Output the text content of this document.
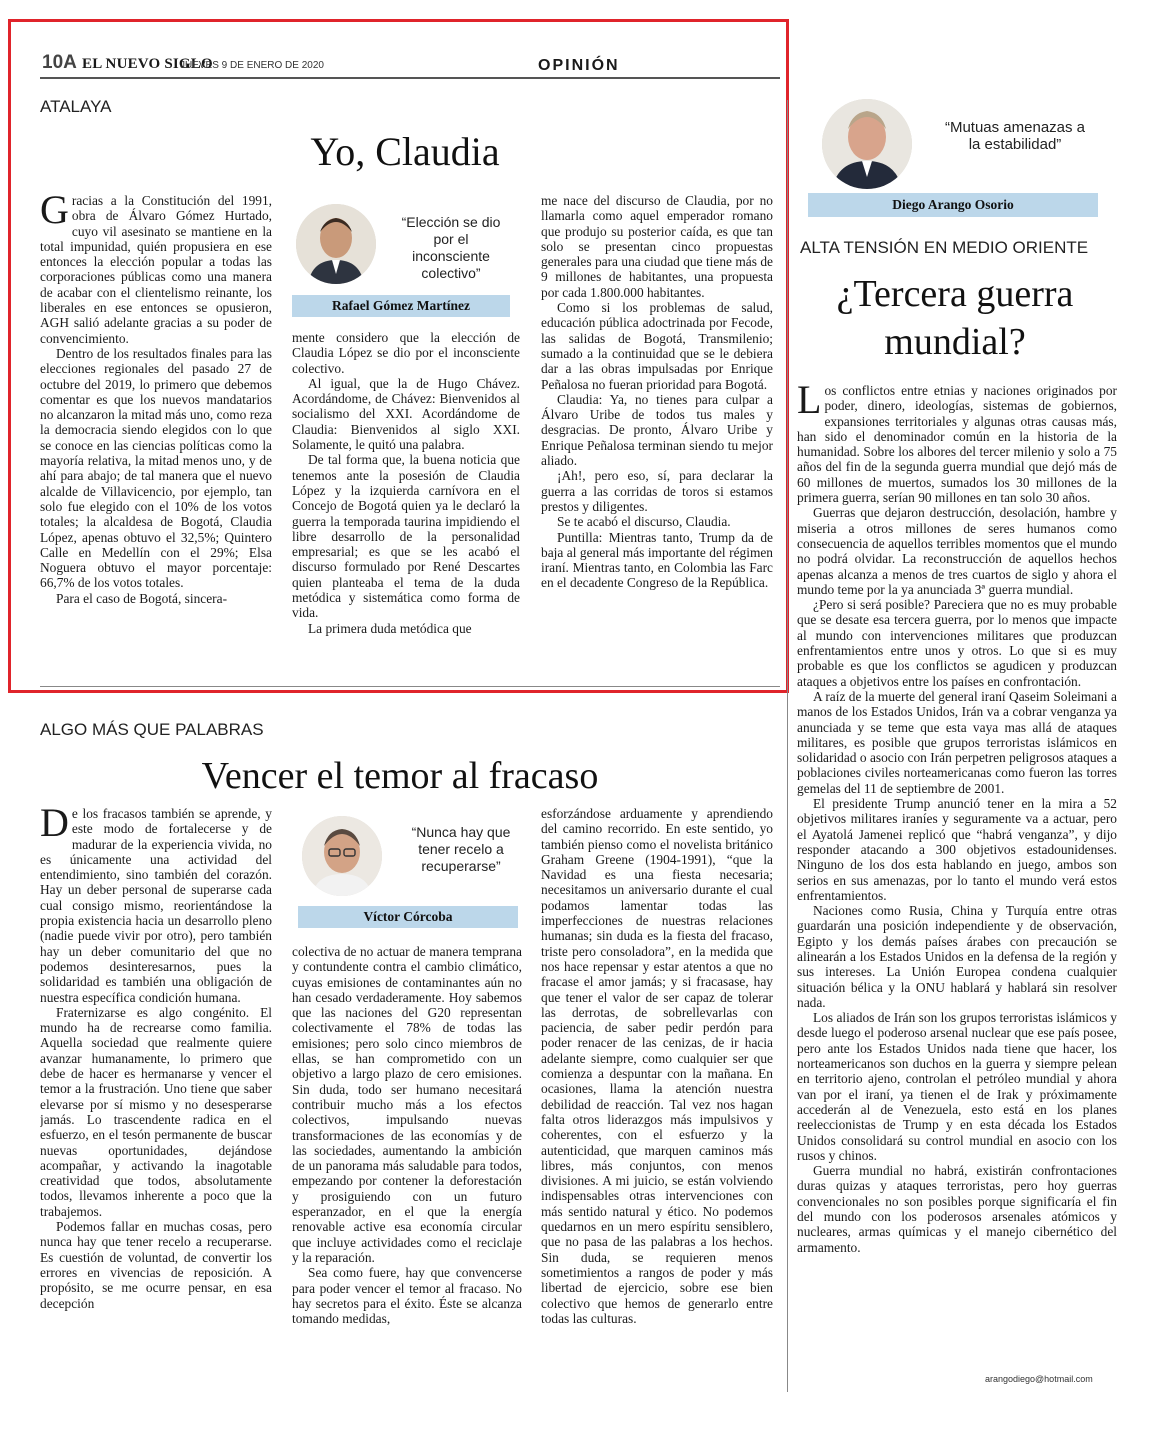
10A EL NUEVO SIGLO
JUEVES 9 DE ENERO DE 2020	OPINIÓN
ATALAYA
Yo, Claudia

Gracias a la Constitución del 1991, obra de Álvaro Gómez Hurtado, cuyo vil asesinato se mantiene en la total impunidad, quién propusiera en ese entonces la elección popular a todas las corporaciones públicas como una manera de acabar con el clientelismo reinante, los liberales en ese entonces se opusieron, AGH salió adelante gracias a su poder de convencimiento.

Dentro de los resultados finales para las elecciones regionales del pasado 27 de octubre del 2019, lo primero que debemos comentar es que los nuevos mandatarios no alcanzaron la mitad más uno, como reza la democracia siendo elegidos con lo que se conoce en las ciencias políticas como la mayoría relativa, la mitad menos uno, y de ahí para abajo; de tal manera que el nuevo alcalde de Villavicencio, por ejemplo, tan solo fue elegido con el 10% de los votos totales; la alcaldesa de Bogotá, Claudia López, apenas obtuvo el 32,5%; Quintero Calle en Medellín con el 29%; Elsa Noguera obtuvo el mayor porcentaje: 66,7% de los votos totales.

Para el caso de Bogotá, sincera-

“Elección se dio por el inconsciente colectivo”
Rafael Gómez Martínez

mente considero que la elección de Claudia López se dio por el inconsciente colectivo.

Al igual, que la de Hugo Chávez. Acordándome, de Chávez: Bienvenidos al socialismo del XXI. Acordándome de Claudia: Bienvenidos al siglo XXI. Solamente, le quitó una palabra.

De tal forma que, la buena noticia que tenemos ante la posesión de Claudia López y la izquierda carnívora en el Concejo de Bogotá quien ya le declaró la guerra la temporada taurina impidiendo el libre desarrollo de la personalidad empresarial; es que se les acabó el discurso formulado por René Descartes quien planteaba el tema de la duda metódica y sistemática como forma de vida.

La primera duda metódica que

me nace del discurso de Claudia, por no llamarla como aquel emperador romano que produjo su posterior caída, es que tan solo se presentan cinco propuestas generales para una ciudad que tiene más de 9 millones de habitantes, una propuesta por cada 1.800.000 habitantes.

Como si los problemas de salud, educación pública adoctrinada por Fecode, las salidas de Bogotá, Transmilenio; sumado a la continuidad que se le debiera dar a las obras impulsadas por Enrique Peñalosa no fueran prioridad para Bogotá.

Claudia: Ya, no tienes para culpar a Álvaro Uribe de todos tus males y desgracias. De pronto, Álvaro Uribe y Enrique Peñalosa terminan siendo tu mejor aliado.

¡Ah!, pero eso, sí, para declarar la guerra a las corridas de toros si estamos prestos y diligentes.

Se te acabó el discurso, Claudia.

Puntilla: Mientras tanto, Trump da de baja al general más importante del régimen iraní. Mientras tanto, en Colombia las Farc en el decadente Congreso de la República.

ALGO MÁS QUE PALABRAS
Vencer el temor al fracaso

De los fracasos también se aprende, y este modo de fortalecerse y de madurar de la experiencia vivida, no es únicamente una actividad del entendimiento, sino también del corazón. Hay un deber personal de superarse cada cual consigo mismo, reorientándose la propia existencia hacia un desarrollo pleno (nadie puede vivir por otro), pero también hay un deber comunitario del que no podemos desinteresarnos, pues la solidaridad es también una obligación de nuestra específica condición humana.

Fraternizarse es algo congénito. El mundo ha de recrearse como familia. Aquella sociedad que realmente quiere avanzar humanamente, lo primero que debe de hacer es hermanarse y vencer el temor a la frustración. Uno tiene que saber elevarse por sí mismo y no desesperarse jamás. Lo trascendente radica en el esfuerzo, en el tesón permanente de buscar nuevas oportunidades, dejándose acompañar, y activando la inagotable creatividad que todos, absolutamente todos, llevamos inherente a poco que la trabajemos.

Podemos fallar en muchas cosas, pero nunca hay que tener recelo a recuperarse. Es cuestión de voluntad, de convertir los errores en vivencias de reposición. A propósito, se me ocurre pensar, en esa decepción

“Nunca hay que tener recelo a recuperarse”
Víctor Córcoba

colectiva de no actuar de manera temprana y contundente contra el cambio climático, cuyas emisiones de contaminantes aún no han cesado verdaderamente. Hoy sabemos que las naciones del G20 representan colectivamente el 78% de todas las emisiones; pero solo cinco miembros de ellas, se han comprometido con un objetivo a largo plazo de cero emisiones. Sin duda, todo ser humano necesitará contribuir mucho más a los efectos colectivos, impulsando nuevas transformaciones de las economías y de las sociedades, aumentando la ambición de un panorama más saludable para todos, empezando por contener la deforestación y prosiguiendo con un futuro esperanzador, en el que la energía renovable active esa economía circular que incluye actividades como el reciclaje y la reparación.

Sea como fuere, hay que convencerse para poder vencer el temor al fracaso. No hay secretos para el éxito. Éste se alcanza tomando medidas,

esforzándose arduamente y aprendiendo del camino recorrido. En este sentido, yo también pienso como el novelista británico Graham Greene (1904-1991), “que la Navidad es una fiesta necesaria; necesitamos un aniversario durante el cual podamos lamentar todas las imperfecciones de nuestras relaciones humanas; sin duda es la fiesta del fracaso, triste pero consoladora”, en la medida que nos hace repensar y estar atentos a que no fracase el amor jamás; y si fracasase, hay que tener el valor de ser capaz de tolerar las derrotas, de sobrellevarlas con paciencia, de saber pedir perdón para poder renacer de las cenizas, de ir hacia adelante siempre, como cualquier ser que comienza a despuntar con la mañana. En ocasiones, llama la atención nuestra debilidad de reacción. Tal vez nos hagan falta otros liderazgos más impulsivos y coherentes, con el esfuerzo y la autenticidad, que marquen caminos más libres, más conjuntos, con menos divisiones. A mi juicio, se están volviendo indispensables otras intervenciones con más sentido natural y ético. No podemos quedarnos en un mero espíritu sensiblero, que no pasa de las palabras a los hechos. Sin duda, se requieren menos sometimientos a rangos de poder y más libertad de ejercicio, sobre ese bien colectivo que hemos de generarlo entre todas las culturas.

“Mutuas amenazas a la estabilidad”
Diego Arango Osorio
ALTA TENSIÓN EN MEDIO ORIENTE
¿Tercera guerra
mundial?

Los conflictos entre etnias y naciones originados por poder, dinero, ideologías, sistemas de gobiernos, expansiones territoriales y algunas otras causas más, han sido el denominador común en la historia de la humanidad. Sobre los albores del tercer milenio y solo a 75 años del fin de la segunda guerra mundial que dejó más de 60 millones de muertos, sumados los 30 millones de la primera guerra, serían 90 millones en tan solo 30 años.

Guerras que dejaron destrucción, desolación, hambre y miseria a otros millones de seres humanos como consecuencia de aquellos terribles momentos que el mundo no podrá olvidar. La reconstrucción de aquellos hechos apenas alcanza a menos de tres cuartos de siglo y ahora el mundo teme por la ya anunciada 3ª guerra mundial.

¿Pero si será posible? Pareciera que no es muy probable que se desate esa tercera guerra, por lo menos que impacte al mundo con intervenciones militares que produzcan enfrentamientos entre unos y otros. Lo que si es muy probable es que los conflictos se agudicen y produzcan ataques a objetivos entre los países en confrontación.

A raíz de la muerte del general iraní Qaseim Soleimani a manos de los Estados Unidos, Irán va a cobrar venganza ya anunciada y se teme que esta vaya mas allá de ataques militares, es posible que grupos terroristas islámicos en solidaridad o asocio con Irán perpetren peligrosos ataques a poblaciones civiles norteamericanas como fueron las torres gemelas del 11 de septiembre de 2001.

El presidente Trump anunció tener en la mira a 52 objetivos militares iraníes y seguramente va a actuar, pero el Ayatolá Jamenei replicó que “habrá venganza”, y dijo responder atacando a 300 objetivos estadounidenses. Ninguno de los dos esta hablando en juego, ambos son serios en sus amenazas, por lo tanto el mundo verá estos enfrentamientos.

Naciones como Rusia, China y Turquía entre otras guardarán una posición independiente y de observación, Egipto y los demás países árabes con precaución se alinearán a los Estados Unidos en la defensa de la región y sus intereses. La Unión Europea condena cualquier situación bélica y la ONU hablará y hablará sin resolver nada.

Los aliados de Irán son los grupos terroristas islámicos y desde luego el poderoso arsenal nuclear que ese país posee, pero ante los Estados Unidos nada tiene que hacer, los norteamericanos son duchos en la guerra y siempre pelean en territorio ajeno, controlan el petróleo mundial y ahora van por el iraní, ya tienen el de Irak y próximamente accederán al de Venezuela, esto está en los planes reeleccionistas de Trump y en esta década los Estados Unidos consolidará su control mundial en asocio con los rusos y chinos.

Guerra mundial no habrá, existirán confrontaciones duras quizas y ataques terroristas, pero hoy guerras convencionales no son posibles porque significaría el fin del mundo con los poderosos arsenales atómicos y nucleares, armas químicas y el manejo cibernético del armamento.

arangodiego@hotmail.com
